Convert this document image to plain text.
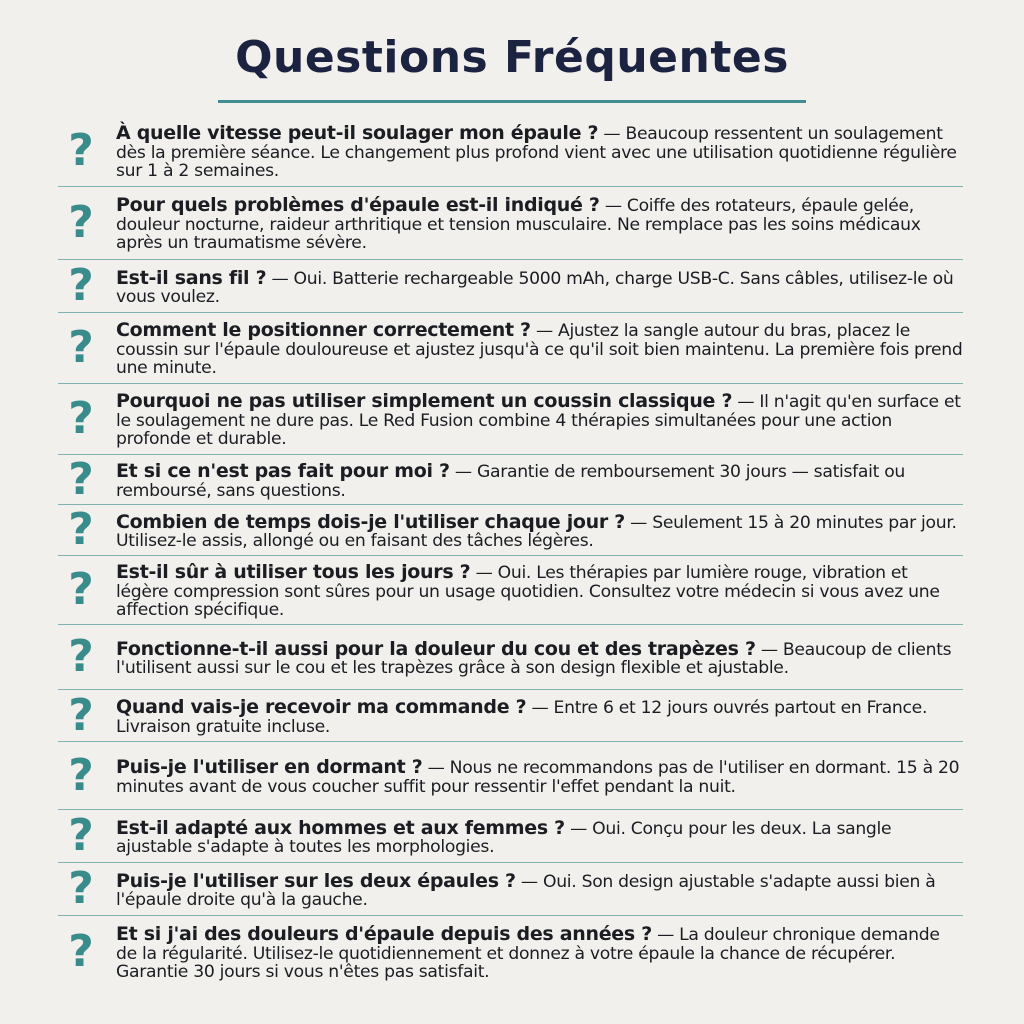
Questions Fréquentes
? À quelle vitesse peut-il soulager mon épaule ? — Beaucoup ressentent un soulagement dès la première séance. Le changement plus profond vient avec une utilisation quotidienne régulière sur 1 à 2 semaines.

? Pour quels problèmes d'épaule est-il indiqué ? — Coiffe des rotateurs, épaule gelée, douleur nocturne, raideur arthritique et tension musculaire. Ne remplace pas les soins médicaux après un traumatisme sévère.

? Est-il sans fil ? — Oui. Batterie rechargeable 5000 mAh, charge USB-C. Sans câbles, utilisez-le où vous voulez.

? Comment le positionner correctement ? — Ajustez la sangle autour du bras, placez le coussin sur l'épaule douloureuse et ajustez jusqu'à ce qu'il soit bien maintenu. La première fois prend une minute.

? Pourquoi ne pas utiliser simplement un coussin classique ? — Il n'agit qu'en surface et le soulagement ne dure pas. Le Red Fusion combine 4 thérapies simultanées pour une action profonde et durable.

? Et si ce n'est pas fait pour moi ? — Garantie de remboursement 30 jours — satisfait ou remboursé, sans questions.

? Combien de temps dois-je l'utiliser chaque jour ? — Seulement 15 à 20 minutes par jour. Utilisez-le assis, allongé ou en faisant des tâches légères.

? Est-il sûr à utiliser tous les jours ? — Oui. Les thérapies par lumière rouge, vibration et légère compression sont sûres pour un usage quotidien. Consultez votre médecin si vous avez une affection spécifique.

? Fonctionne-t-il aussi pour la douleur du cou et des trapèzes ? — Beaucoup de clients l'utilisent aussi sur le cou et les trapèzes grâce à son design flexible et ajustable.

? Quand vais-je recevoir ma commande ? — Entre 6 et 12 jours ouvrés partout en France. Livraison gratuite incluse.

? Puis-je l'utiliser en dormant ? — Nous ne recommandons pas de l'utiliser en dormant. 15 à 20 minutes avant de vous coucher suffit pour ressentir l'effet pendant la nuit.

? Est-il adapté aux hommes et aux femmes ? — Oui. Conçu pour les deux. La sangle ajustable s'adapte à toutes les morphologies.

? Puis-je l'utiliser sur les deux épaules ? — Oui. Son design ajustable s'adapte aussi bien à l'épaule droite qu'à la gauche.

? Et si j'ai des douleurs d'épaule depuis des années ? — La douleur chronique demande de la régularité. Utilisez-le quotidiennement et donnez à votre épaule la chance de récupérer. Garantie 30 jours si vous n'êtes pas satisfait.
